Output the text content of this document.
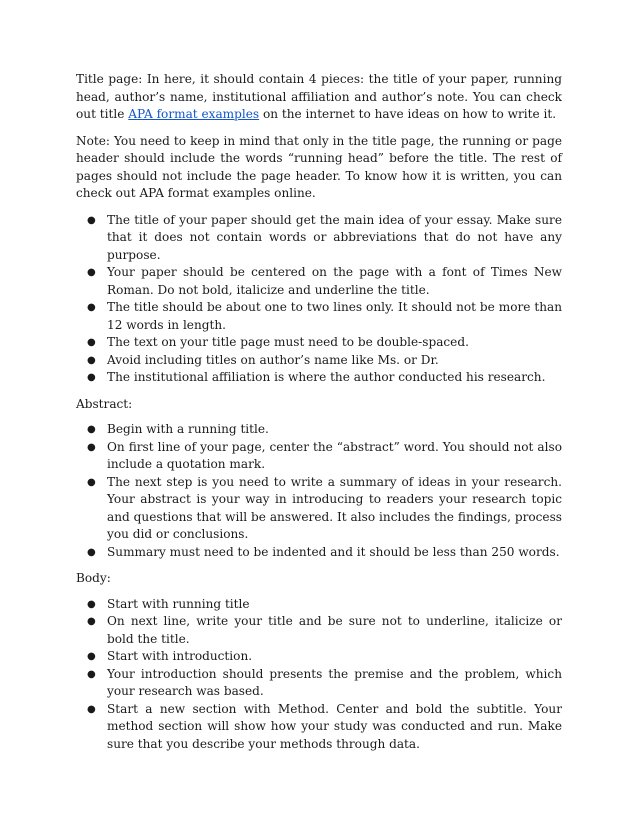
Title page: In here, it should contain 4 pieces: the title of your paper, running head, author’s name, institutional affiliation and author’s note. You can check out title APA format examples on the internet to have ideas on how to write it.

Note: You need to keep in mind that only in the title page, the running or page header should include the words “running head” before the title. The rest of pages should not include the page header. To know how it is written, you can check out APA format examples online.

● The title of your paper should get the main idea of your essay. Make sure that it does not contain words or abbreviations that do not have any purpose.
● Your paper should be centered on the page with a font of Times New Roman. Do not bold, italicize and underline the title.
● The title should be about one to two lines only. It should not be more than 12 words in length.
● The text on your title page must need to be double-spaced.
● Avoid including titles on author’s name like Ms. or Dr.
● The institutional affiliation is where the author conducted his research.

Abstract:

● Begin with a running title.
● On first line of your page, center the “abstract” word. You should not also include a quotation mark.
● The next step is you need to write a summary of ideas in your research. Your abstract is your way in introducing to readers your research topic and questions that will be answered. It also includes the findings, process you did or conclusions.
● Summary must need to be indented and it should be less than 250 words.

Body:

● Start with running title
● On next line, write your title and be sure not to underline, italicize or bold the title.
● Start with introduction.
● Your introduction should presents the premise and the problem, which your research was based.
● Start a new section with Method. Center and bold the subtitle. Your method section will show how your study was conducted and run. Make sure that you describe your methods through data.
